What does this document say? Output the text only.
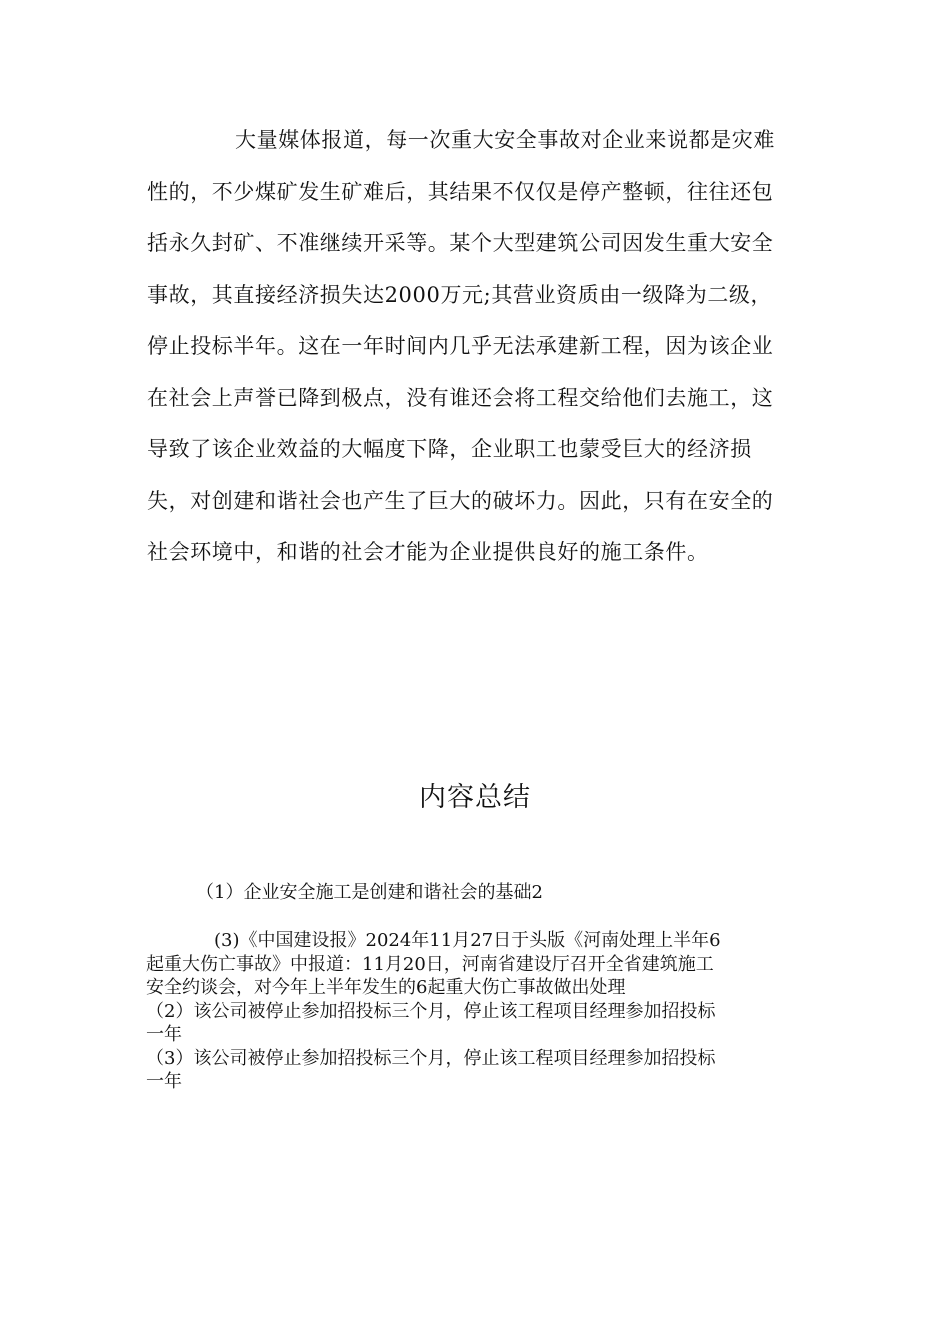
大量媒体报道，每一次重大安全事故对企业来说都是灾难
性的，不少煤矿发生矿难后，其结果不仅仅是停产整顿，往往还包
括永久封矿、不准继续开采等。某个大型建筑公司因发生重大安全
事故，其直接经济损失达2000万元;其营业资质由一级降为二级，
停止投标半年。这在一年时间内几乎无法承建新工程，因为该企业
在社会上声誉已降到极点，没有谁还会将工程交给他们去施工，这
导致了该企业效益的大幅度下降，企业职工也蒙受巨大的经济损
失，对创建和谐社会也产生了巨大的破坏力。因此，只有在安全的
社会环境中，和谐的社会才能为企业提供良好的施工条件。
内容总结
（1）企业安全施工是创建和谐社会的基础2
(3)《中国建设报》2024年11月27日于头版《河南处理上半年6
起重大伤亡事故》中报道：11月20日，河南省建设厅召开全省建筑施工
安全约谈会，对今年上半年发生的6起重大伤亡事故做出处理
（2）该公司被停止参加招投标三个月，停止该工程项目经理参加招投标
一年
（3）该公司被停止参加招投标三个月，停止该工程项目经理参加招投标
一年
